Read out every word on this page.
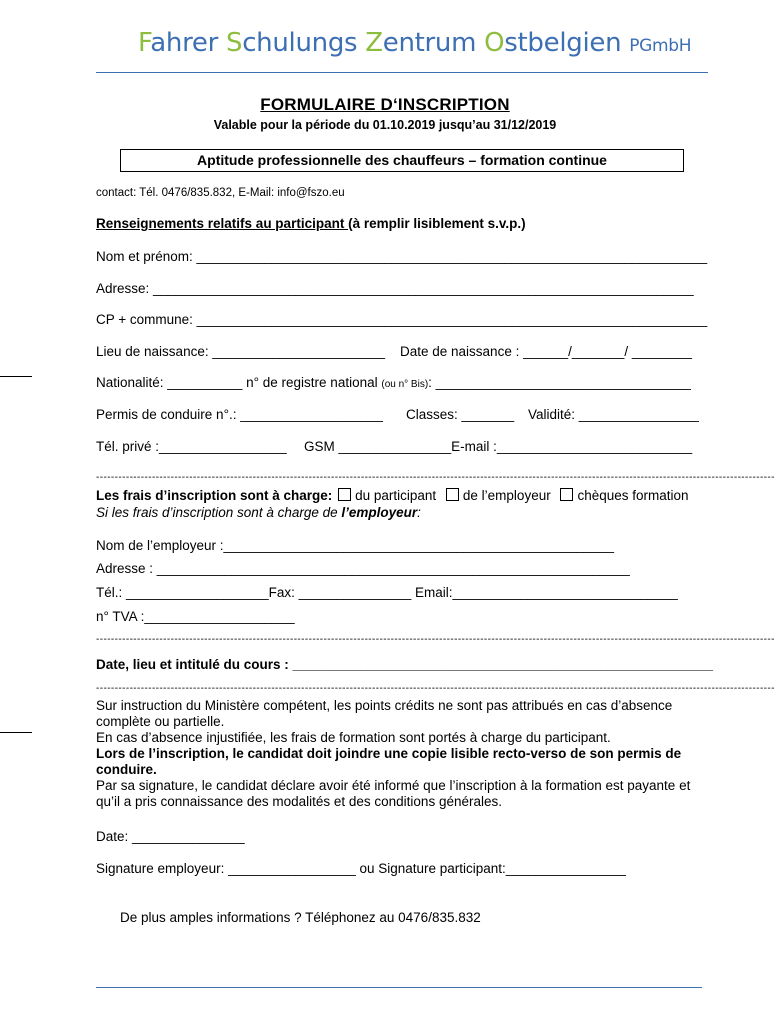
Fahrer Schulungs Zentrum Ostbelgien PGmbH
FORMULAIRE D‘INSCRIPTION
Valable pour la période du 01.10.2019 jusqu’au 31/12/2019
Aptitude professionnelle des chauffeurs – formation continue
contact: Tél. 0476/835.832, E-Mail: info@fszo.eu
Renseignements relatifs au participant (à remplir lisiblement s.v.p.)
Nom et prénom: ____________________________________________________________________
Adresse: ________________________________________________________________________
CP + commune: ____________________________________________________________________
Lieu de naissance: _______________________ Date de naissance : ______/_______/ ________
Nationalité: __________ n° de registre national (ou n° Bis): __________________________________
Permis de conduire n°.: ___________________ Classes: _______ Validité: ________________
Tél. privé :_________________ GSM _______________E-mail :__________________________
--------------------------------------------------------------------------------------------------------------------------------------------------------------------------------------
Les frais d’inscription sont à charge: du participant de l’employeur chèques formation
Si les frais d’inscription sont à charge de l’employeur:
Nom de l’employeur :____________________________________________________
Adresse : _______________________________________________________________
Tél.: ___________________Fax: _______________ Email:______________________________
n° TVA :____________________
--------------------------------------------------------------------------------------------------------------------------------------------------------------------------------------
Date, lieu et intitulé du cours : ________________________________________________________
--------------------------------------------------------------------------------------------------------------------------------------------------------------------------------------

Sur instruction du Ministère compétent, les points crédits ne sont pas attribués en cas d’absence complète ou partielle.

En cas d’absence injustifiée, les frais de formation sont portés à charge du participant.

Lors de l’inscription, le candidat doit joindre une copie lisible recto-verso de son permis de conduire.

Par sa signature, le candidat déclare avoir été informé que l’inscription à la formation est payante et qu’il a pris connaissance des modalités et des conditions générales.

Date: _______________
Signature employeur: _________________ ou Signature participant:________________
De plus amples informations ? Téléphonez au 0476/835.832
